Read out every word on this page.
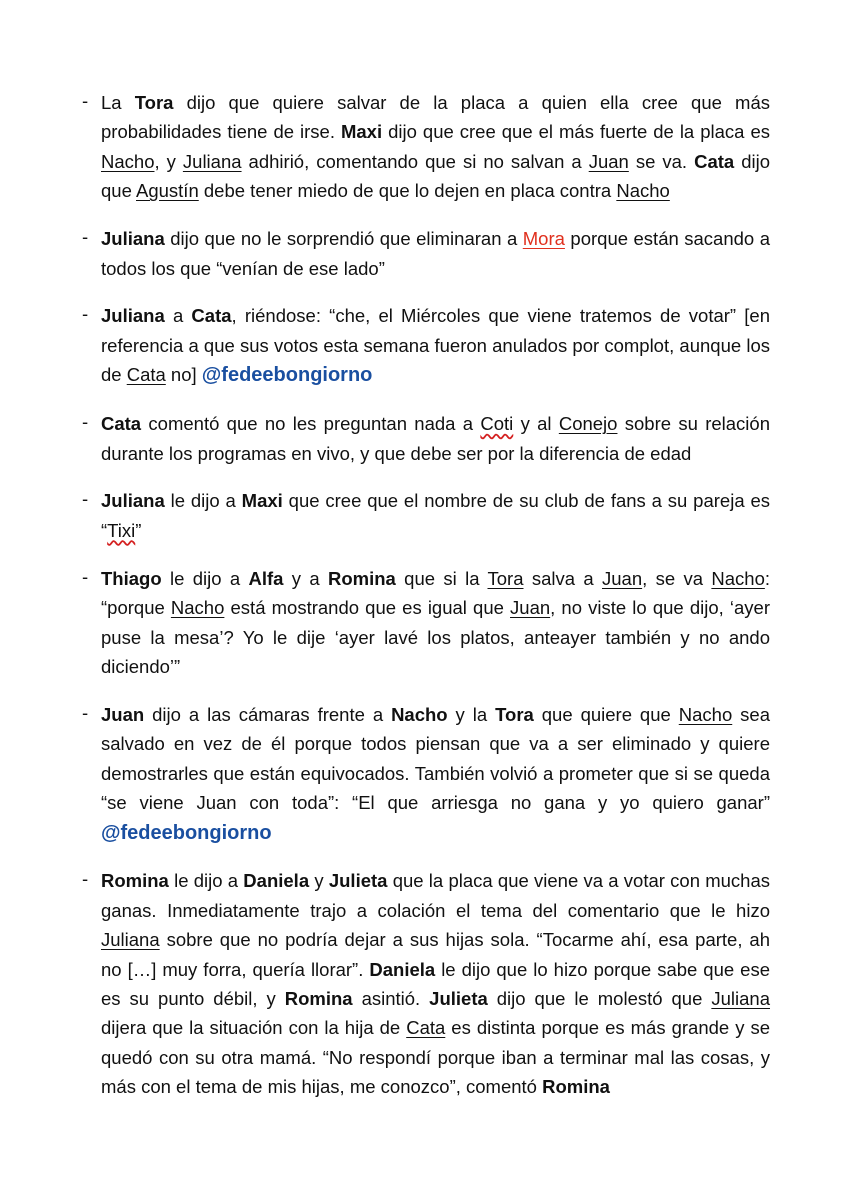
- La Tora dijo que quiere salvar de la placa a quien ella cree que más probabilidades tiene de irse. Maxi dijo que cree que el más fuerte de la placa es Nacho, y Juliana adhirió, comentando que si no salvan a Juan se va. Cata dijo que Agustín debe tener miedo de que lo dejen en placa contra Nacho

- Juliana dijo que no le sorprendió que eliminaran a Mora porque están sacando a todos los que “venían de ese lado”

- Juliana a Cata, riéndose: “che, el Miércoles que viene tratemos de votar” [en referencia a que sus votos esta semana fueron anulados por complot, aunque los de Cata no] @fedeebongiorno

- Cata comentó que no les preguntan nada a Coti y al Conejo sobre su relación durante los programas en vivo, y que debe ser por la diferencia de edad

- Juliana le dijo a Maxi que cree que el nombre de su club de fans a su pareja es “Tixi”

- Thiago le dijo a Alfa y a Romina que si la Tora salva a Juan, se va Nacho: “porque Nacho está mostrando que es igual que Juan, no viste lo que dijo, ‘ayer puse la mesa’? Yo le dije ‘ayer lavé los platos, anteayer también y no ando diciendo’”

- Juan dijo a las cámaras frente a Nacho y la Tora que quiere que Nacho sea salvado en vez de él porque todos piensan que va a ser eliminado y quiere demostrarles que están equivocados. También volvió a prometer que si se queda “se viene Juan con toda”: “El que arriesga no gana y yo quiero ganar” @fedeebongiorno

- Romina le dijo a Daniela y Julieta que la placa que viene va a votar con muchas ganas. Inmediatamente trajo a colación el tema del comentario que le hizo Juliana sobre que no podría dejar a sus hijas sola. “Tocarme ahí, esa parte, ah no […] muy forra, quería llorar”. Daniela le dijo que lo hizo porque sabe que ese es su punto débil, y Romina asintió. Julieta dijo que le molestó que Juliana dijera que la situación con la hija de Cata es distinta porque es más grande y se quedó con su otra mamá. “No respondí porque iban a terminar mal las cosas, y más con el tema de mis hijas, me conozco”, comentó Romina
